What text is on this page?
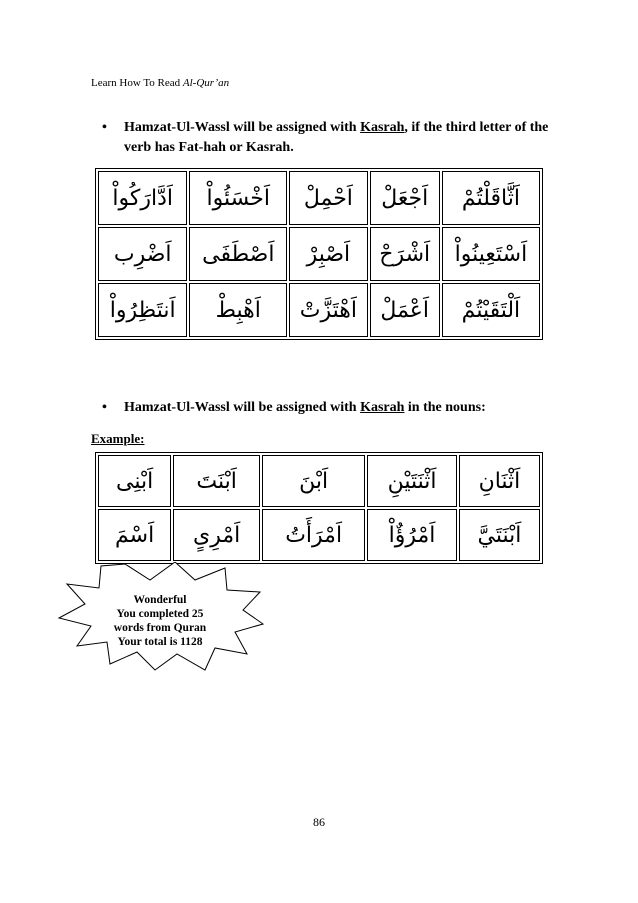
Learn How To Read Al-Qur’an
•	Hamzat-Ul-Wassl will be assigned with Kasrah, if the third letter of the verb has Fat-hah or Kasrah.
اَدَّارَكُواْ	اَخْسَئُواْ	اَحْمِلْ	اَجْعَلْ	اَثَّاقَلْتُمْ
اَضْرِب	اَصْطَفَى	اَصْبِرْ	اَشْرَحْ	اَسْتَعِينُواْ
اَنتَظِرُواْ	اَهْبِطْ	اَهْتَزَّتْ	اَعْمَلْ	اَلْتَقَيْتُمْ
•	Hamzat-Ul-Wassl will be assigned with Kasrah in the nouns:
Example:
اَبْنِى	اَبْنَتَ	اَبْنَ	اَثْنَتَيْنِ	اَثْنَانِ
اَسْمَ	اَمْرِىٍ	اَمْرَأَتُ	اَمْرُؤٌاْ	اَبْنَتَيَّ
Wonderful
You completed 25
words from Quran
Your total is 1128
86
